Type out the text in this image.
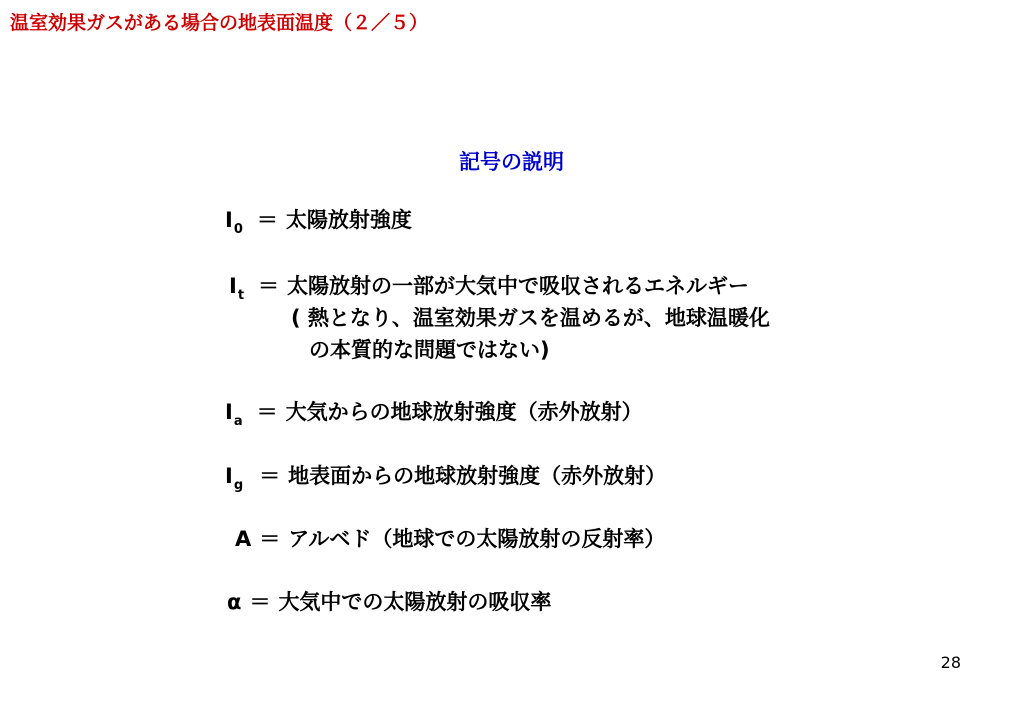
温室効果ガスがある場合の地表面温度（２／５）
記号の説明
$I_0$ ＝ 太陽放射強度
$I_t$ ＝ 太陽放射の一部が大気中で吸収されるエネルギー
( 熱となり、温室効果ガスを温めるが、地球温暖化
の本質的な問題ではない)
$I_a$ ＝ 大気からの地球放射強度（赤外放射）
$I_g$ ＝ 地表面からの地球放射強度（赤外放射）
A ＝ アルベド（地球での太陽放射の反射率）
α ＝ 大気中での太陽放射の吸収率
28
